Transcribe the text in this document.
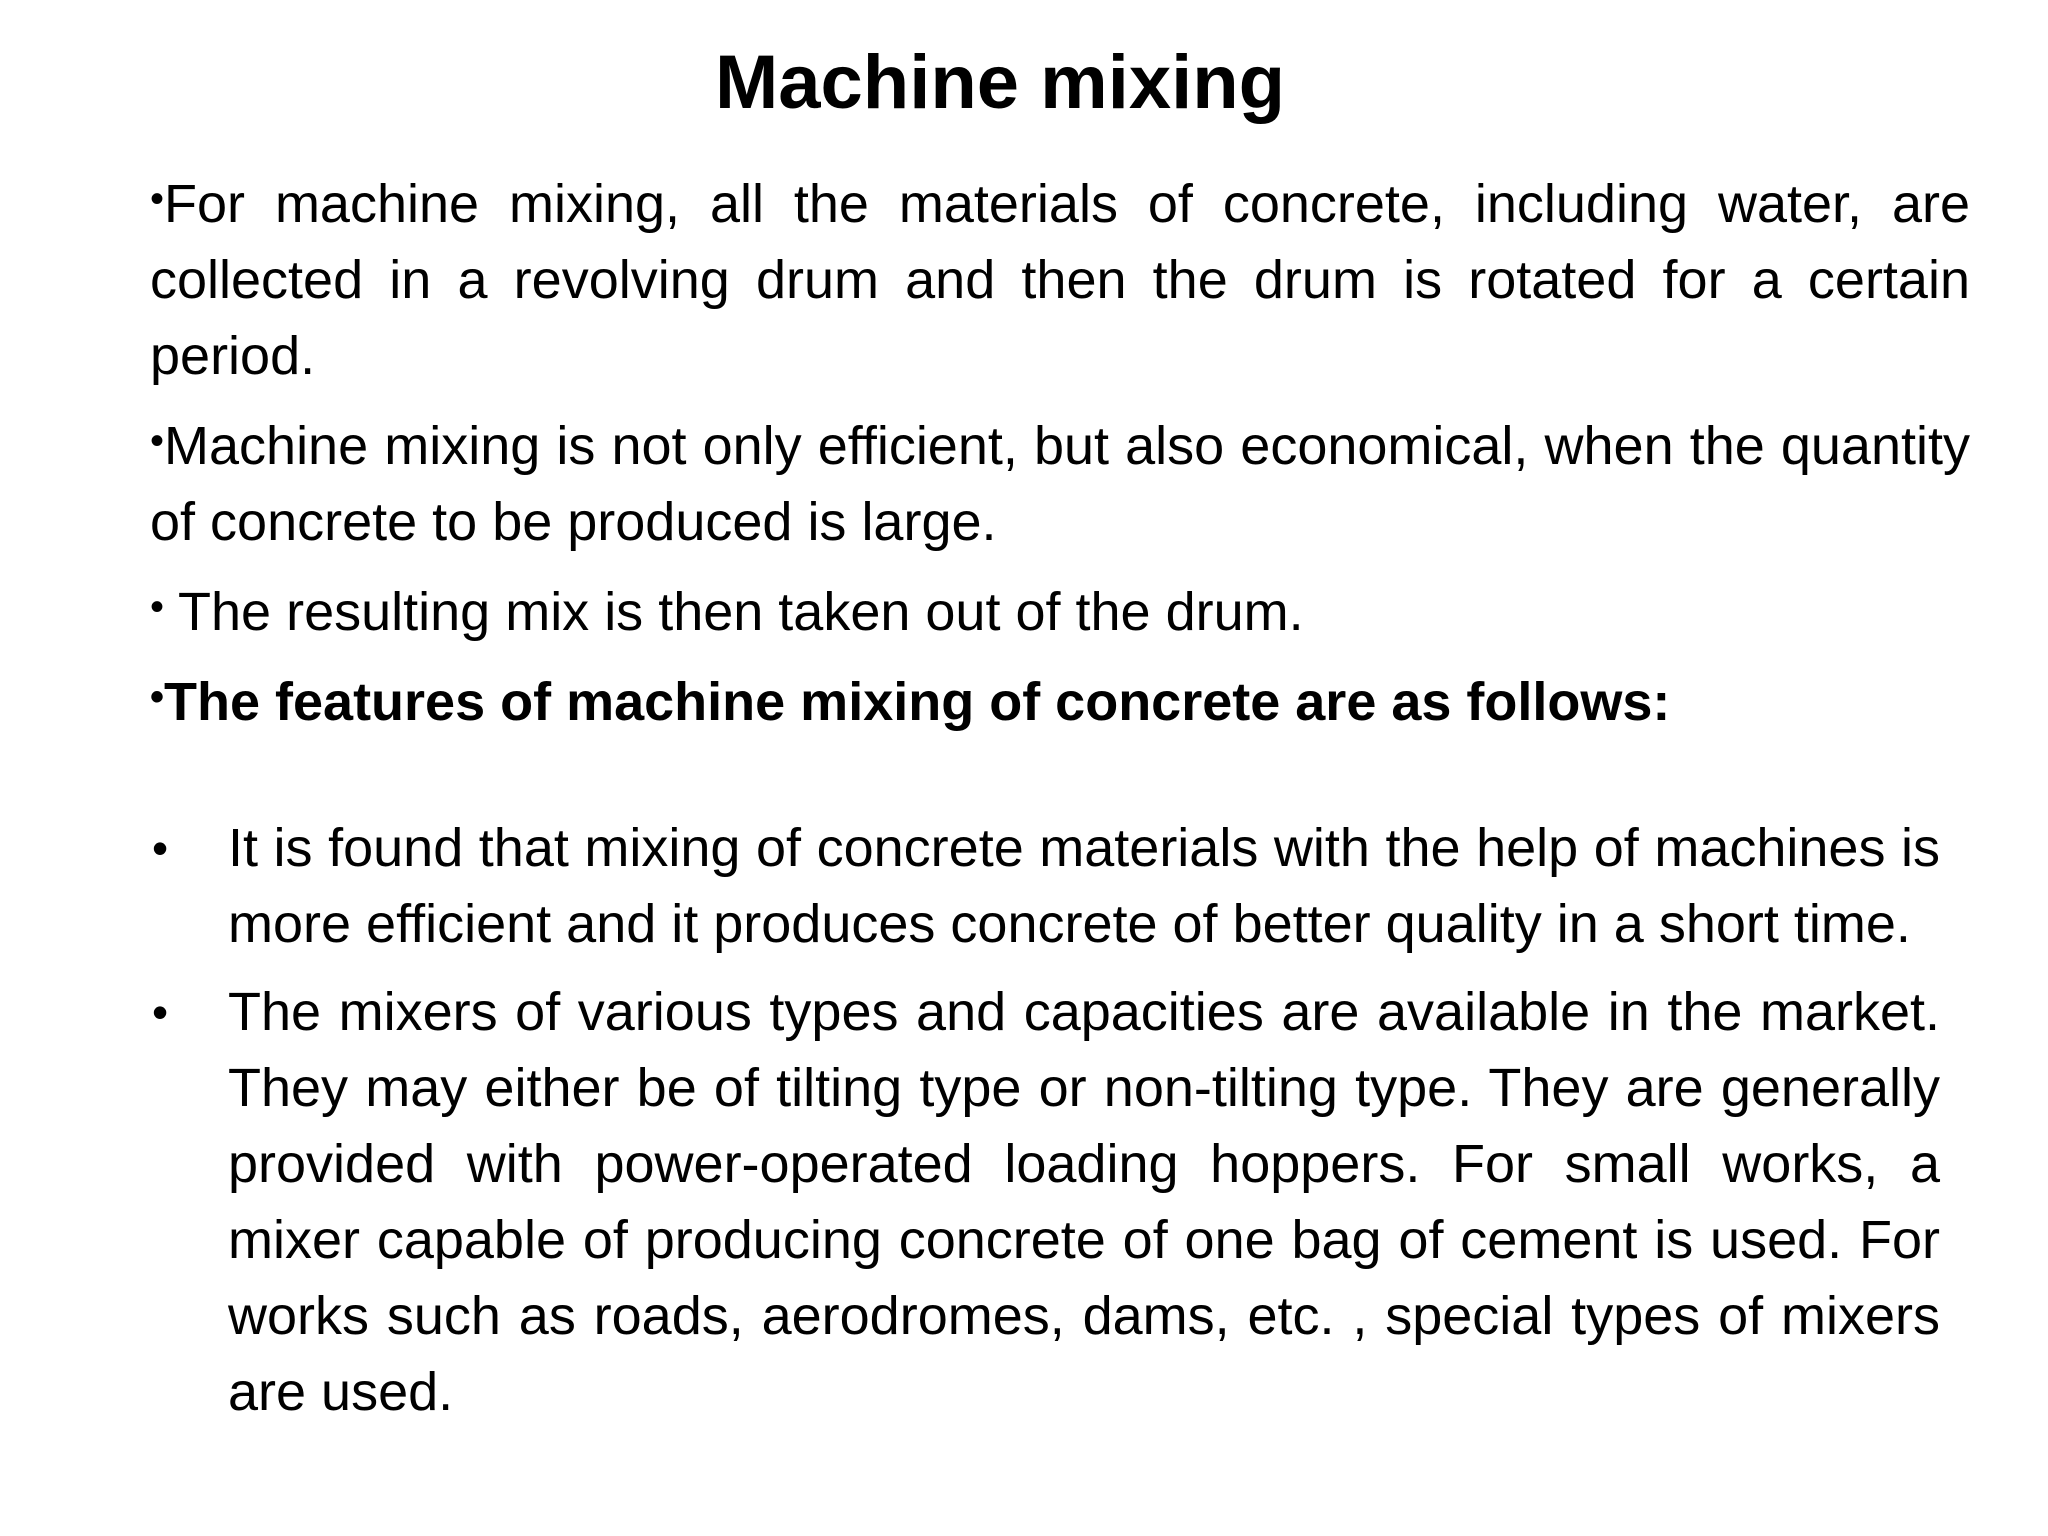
Machine mixing

•For machine mixing, all the materials of concrete, including water, are collected in a revolving drum and then the drum is rotated for a certain period.

•Machine mixing is not only efficient, but also economical, when the quantity of concrete to be produced is large.

• The resulting mix is then taken out of the drum.

•The features of machine mixing of concrete are as follows:

•	It is found that mixing of concrete materials with the help of machines is more efficient and it produces concrete of better quality in a short time.
•	The mixers of various types and capacities are available in the market. They may either be of tilting type or non-tilting type. They are generally provided with power-operated loading hoppers. For small works, a mixer capable of producing concrete of one bag of cement is used. For works such as roads, aerodromes, dams, etc. , special types of mixers are used.
